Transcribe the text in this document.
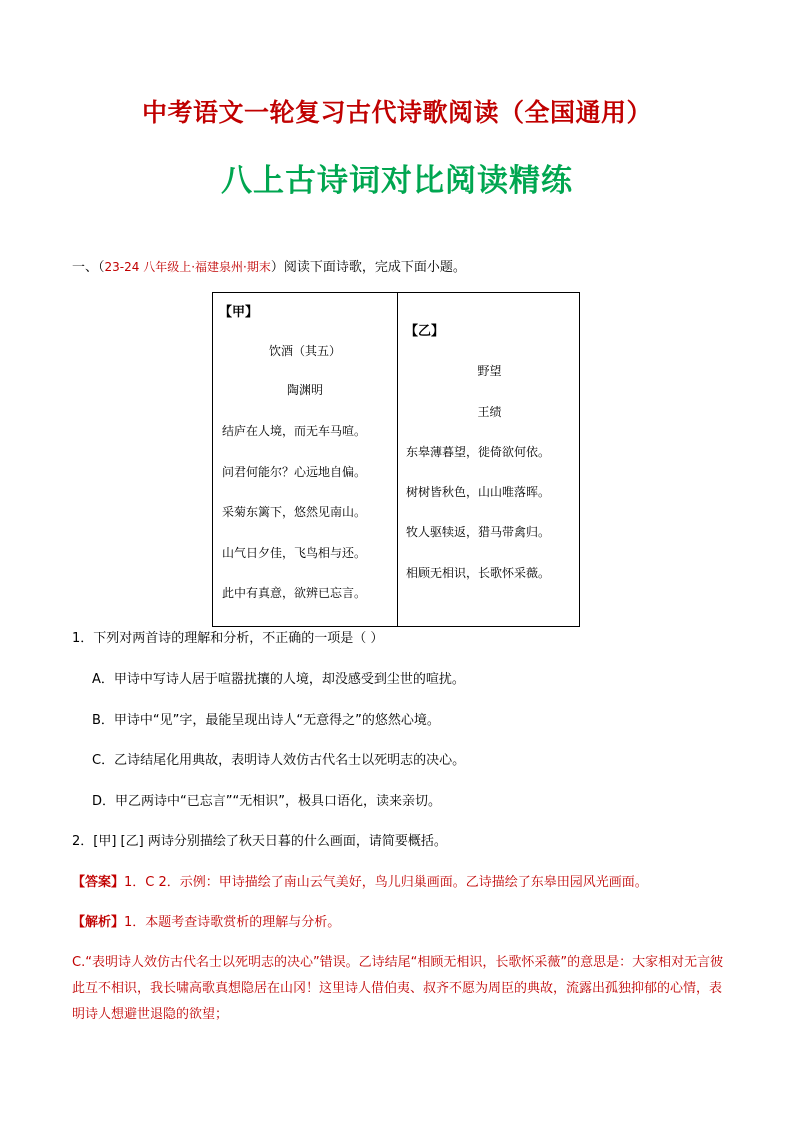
中考语文一轮复习古代诗歌阅读（全国通用）
八上古诗词对比阅读精练
一、（23-24 八年级上·福建泉州·期末）阅读下面诗歌，完成下面小题。
【甲】
饮酒（其五）
陶渊明
结庐在人境，而无车马喧。
问君何能尔？心远地自偏。
采菊东篱下，悠然见南山。
山气日夕佳，飞鸟相与还。
此中有真意，欲辨已忘言。
【乙】
野望
王绩
东皋薄暮望，徙倚欲何依。
树树皆秋色，山山唯落晖。
牧人驱犊返，猎马带禽归。
相顾无相识，长歌怀采薇。
1．下列对两首诗的理解和分析，不正确的一项是（ ）
A．甲诗中写诗人居于喧嚣扰攘的人境，却没感受到尘世的喧扰。
B．甲诗中“见”字，最能呈现出诗人“无意得之”的悠然心境。
C．乙诗结尾化用典故，表明诗人效仿古代名士以死明志的决心。
D．甲乙两诗中“已忘言”“无相识”，极具口语化，读来亲切。
2．[甲] [乙] 两诗分别描绘了秋天日暮的什么画面，请简要概括。
【答案】1．C 2．示例：甲诗描绘了南山云气美好，鸟儿归巢画面。乙诗描绘了东皋田园风光画面。
【解析】1．本题考查诗歌赏析的理解与分析。
C.“表明诗人效仿古代名士以死明志的决心”错误。乙诗结尾“相顾无相识，长歌怀采薇”的意思是：大家相对无言彼此互不相识，我长啸高歌真想隐居在山冈！这里诗人借伯夷、叔齐不愿为周臣的典故，流露出孤独抑郁的心情，表明诗人想避世退隐的欲望；
